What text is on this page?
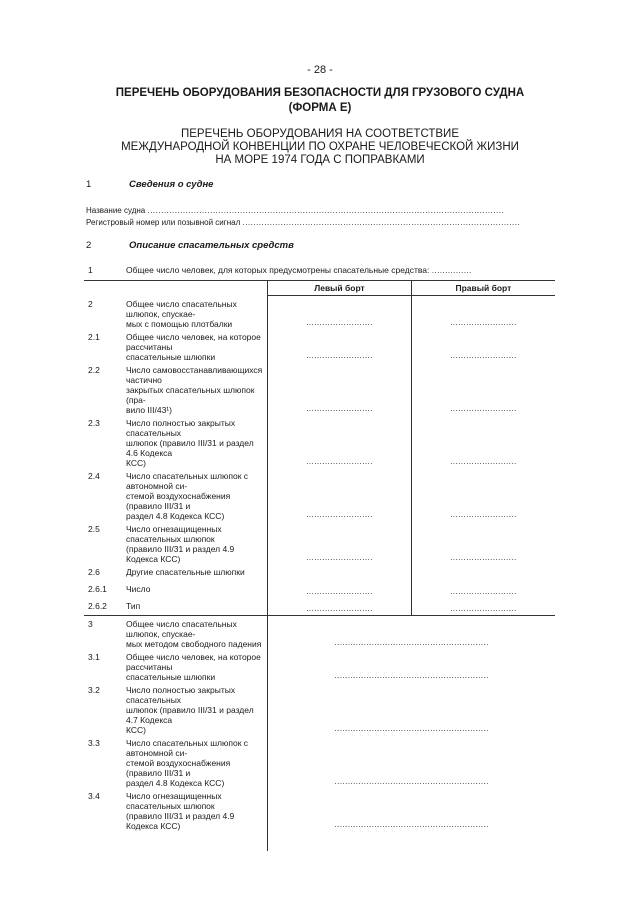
- 28 -
ПЕРЕЧЕНЬ ОБОРУДОВАНИЯ БЕЗОПАСНОСТИ ДЛЯ ГРУЗОВОГО СУДНА
(ФОРМА Е)
ПЕРЕЧЕНЬ ОБОРУДОВАНИЯ НА СООТВЕТСТВИЕ
МЕЖДУНАРОДНОЙ КОНВЕНЦИИ ПО ОХРАНЕ ЧЕЛОВЕЧЕСКОЙ ЖИЗНИ
НА МОРЕ 1974 ГОДА С ПОПРАВКАМИ
1	Сведения о судне
Название судна ...................................................................................................................................
Регистровый номер или позывной сигнал ......................................................................................................
2	Описание спасательных средств
1	Общее число человек, для которых предусмотрены спасательные средства: ...............		

		Левый борт	Правый борт

2	Общее число спасательных шлюпок, спускае-
мых с помощью плотбалки	.........................	.........................
2.1	Общее число человек, на которое рассчитаны
спасательные шлюпки	.........................	.........................
2.2	Число самовосстанавливающихся частично
закрытых спасательных шлюпок (пра-
вило III/43¹)	.........................	.........................
2.3	Число полностью закрытых спасательных
шлюпок (правило III/31 и раздел 4.6 Кодекса
КСС)	.........................	.........................
2.4	Число спасательных шлюпок с автономной си-
стемой воздухоснабжения (правило III/31 и
раздел 4.8 Кодекса КСС)	.........................	.........................
2.5	Число огнезащищенных спасательных шлюпок
(правило III/31 и раздел 4.9 Кодекса КСС)	.........................	.........................
2.6	Другие спасательные шлюпки		

2.6.1	Число	.........................	.........................
2.6.2	Тип	.........................	.........................
3	Общее число спасательных шлюпок, спускае-
мых методом свободного падения	..........................................................	
3.1	Общее число человек, на которое рассчитаны
спасательные шлюпки	..........................................................	
3.2	Число полностью закрытых спасательных
шлюпок (правило III/31 и раздел 4.7 Кодекса
КСС)	..........................................................	
3.3	Число спасательных шлюпок с автономной си-
стемой воздухоснабжения (правило III/31 и
раздел 4.8 Кодекса КСС)	..........................................................	
3.4	Число огнезащищенных спасательных шлюпок
(правило III/31 и раздел 4.9 Кодекса КСС)	..........................................................	
